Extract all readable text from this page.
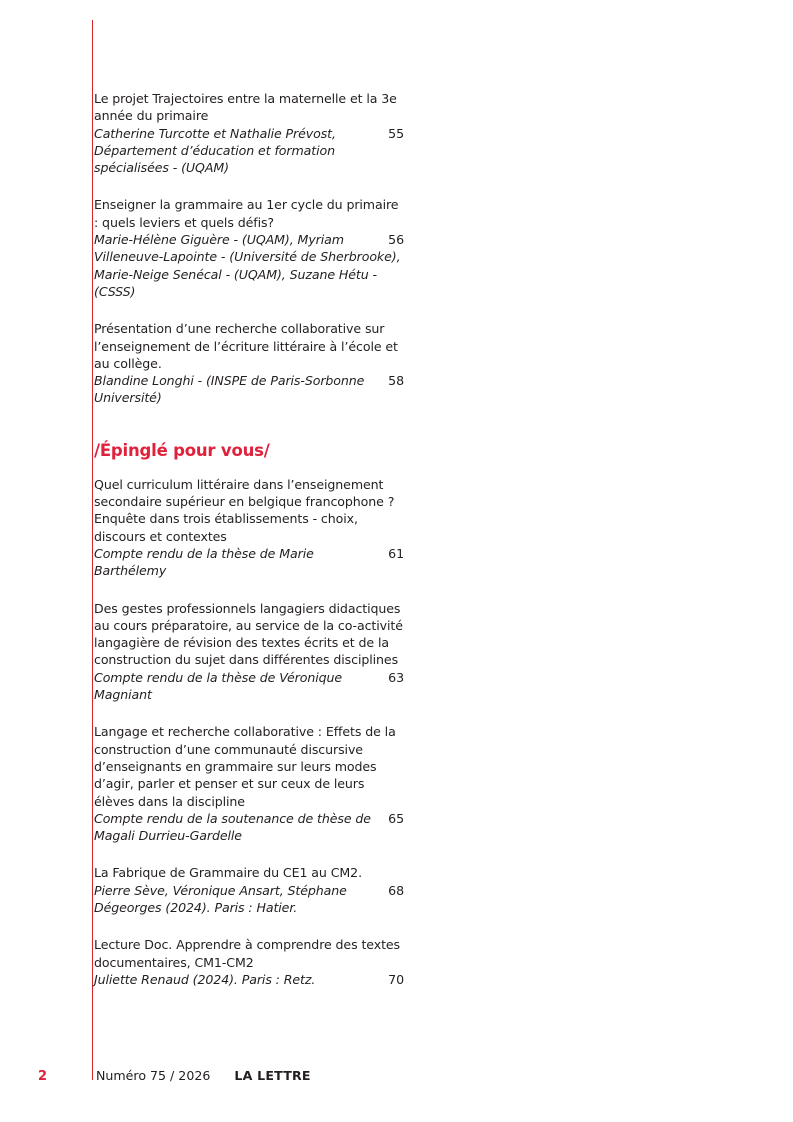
Le projet Trajectoires entre la maternelle et la 3e année du primaire
55
Catherine Turcotte et Nathalie Prévost, Département d’éducation et formation spécialisées - (UQAM)
Enseigner la grammaire au 1er cycle du primaire : quels leviers et quels défis?
56
Marie-Hélène Giguère - (UQAM), Myriam Villeneuve-Lapointe - (Université de Sherbrooke), Marie-Neige Senécal - (UQAM), Suzane Hétu - (CSSS)
Présentation d’une recherche collaborative sur l’enseignement de l’écriture littéraire à l’école et au collège.
58
Blandine Longhi - (INSPE de Paris-Sorbonne Université)
/Épinglé pour vous/
Quel curriculum littéraire dans l’enseignement secondaire supérieur en belgique francophone ? Enquête dans trois établissements - choix, discours et contextes
61
Compte rendu de la thèse de Marie Barthélemy
Des gestes professionnels langagiers didactiques au cours préparatoire, au service de la co-activité langagière de révision des textes écrits et de la construction du sujet dans différentes disciplines
63
Compte rendu de la thèse de Véronique Magniant
Langage et recherche collaborative : Effets de la construction d’une communauté discursive d’enseignants en grammaire sur leurs modes d’agir, parler et penser et sur ceux de leurs élèves dans la discipline
65
Compte rendu de la soutenance de thèse de Magali Durrieu-Gardelle
La Fabrique de Grammaire du CE1 au CM2.
68
Pierre Sève, Véronique Ansart, Stéphane Dégeorges (2024). Paris : Hatier.
Lecture Doc. Apprendre à comprendre des textes documentaires, CM1-CM2
70
Juliette Renaud (2024). Paris : Retz.
2	Numéro 75 / 2026 LA LETTRE
